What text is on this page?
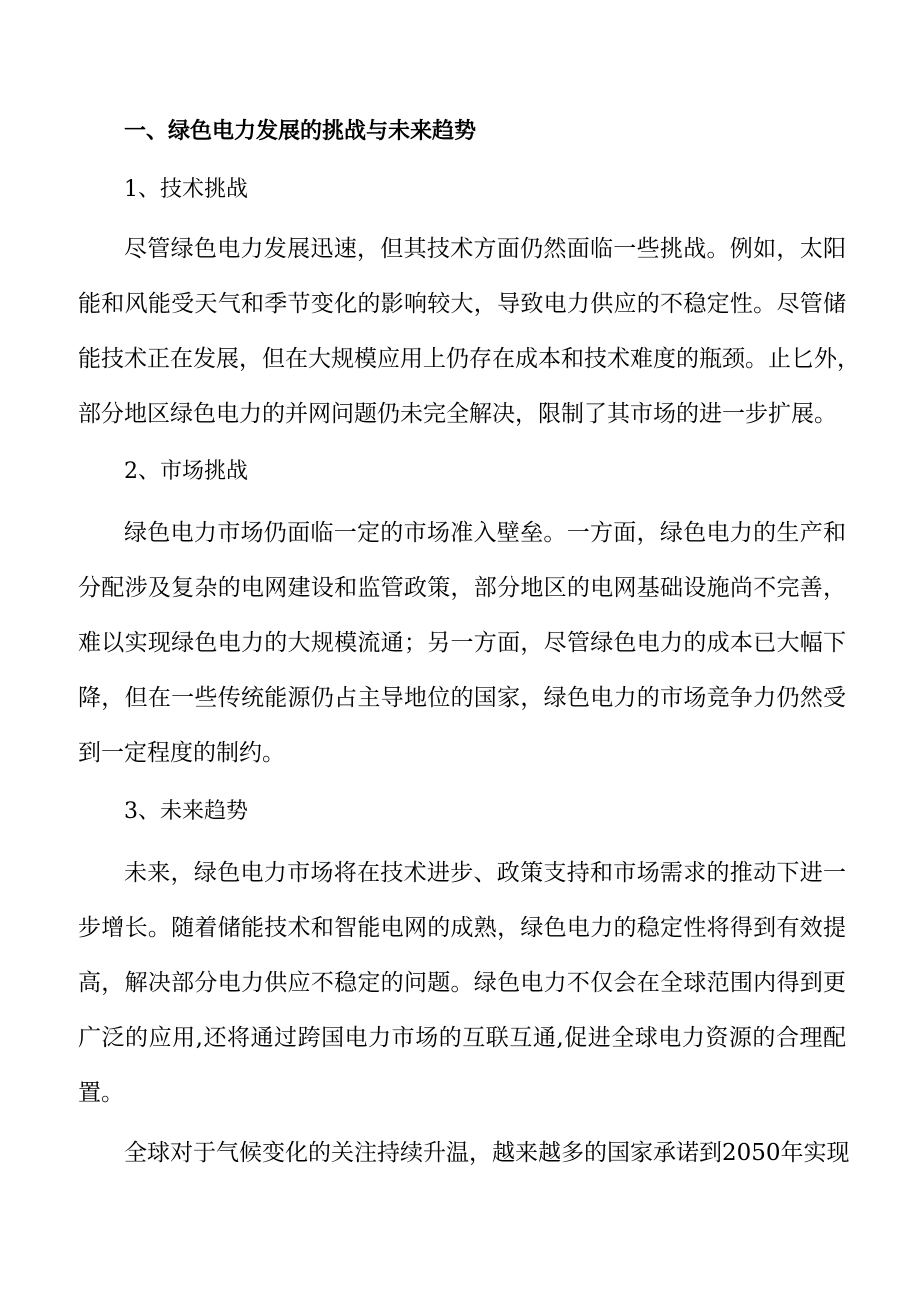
一、绿色电力发展的挑战与未来趋势
1、技术挑战
尽管绿色电力发展迅速，但其技术方面仍然面临一些挑战。例如，太阳
能和风能受天气和季节变化的影响较大，导致电力供应的不稳定性。尽管储
能技术正在发展，但在大规模应用上仍存在成本和技术难度的瓶颈。止匕外，
部分地区绿色电力的并网问题仍未完全解决，限制了其市场的进一步扩展。
2、市场挑战
绿色电力市场仍面临一定的市场准入壁垒。一方面，绿色电力的生产和
分配涉及复杂的电网建设和监管政策，部分地区的电网基础设施尚不完善，
难以实现绿色电力的大规模流通；另一方面，尽管绿色电力的成本已大幅下
降，但在一些传统能源仍占主导地位的国家，绿色电力的市场竞争力仍然受
到一定程度的制约。
3、未来趋势
未来，绿色电力市场将在技术进步、政策支持和市场需求的推动下进一
步增长。随着储能技术和智能电网的成熟，绿色电力的稳定性将得到有效提
高，解决部分电力供应不稳定的问题。绿色电力不仅会在全球范围内得到更
广泛的应用,还将通过跨国电力市场的互联互通,促进全球电力资源的合理配
置。
全球对于气候变化的关注持续升温，越来越多的国家承诺到2050年实现
